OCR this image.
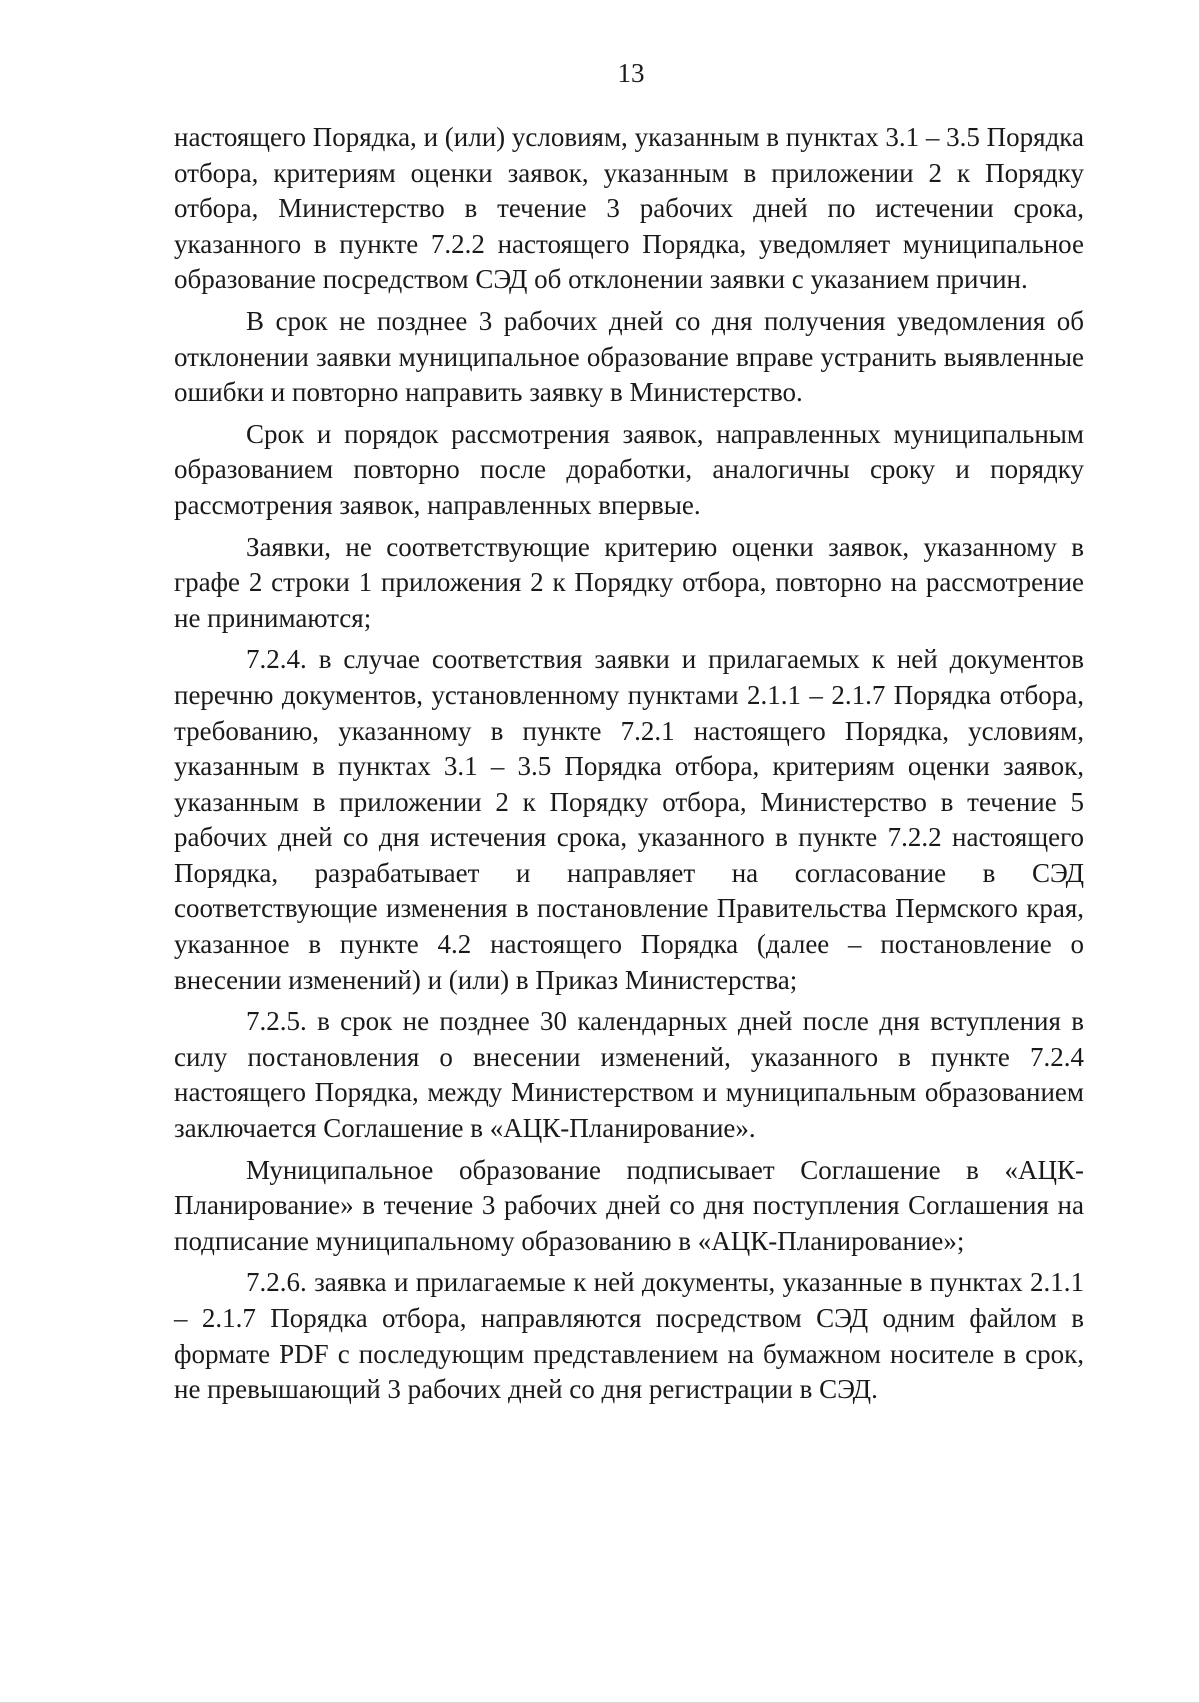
13

настоящего Порядка, и (или) условиям, указанным в пунктах 3.1 – 3.5 Порядка отбора, критериям оценки заявок, указанным в приложении 2 к Порядку отбора, Министерство в течение 3 рабочих дней по истечении срока, указанного в пункте 7.2.2 настоящего Порядка, уведомляет муниципальное образование посредством СЭД об отклонении заявки с указанием причин.

В срок не позднее 3 рабочих дней со дня получения уведомления об отклонении заявки муниципальное образование вправе устранить выявленные ошибки и повторно направить заявку в Министерство.

Срок и порядок рассмотрения заявок, направленных муниципальным образованием повторно после доработки, аналогичны сроку и порядку рассмотрения заявок, направленных впервые.

Заявки, не соответствующие критерию оценки заявок, указанному в графе 2 строки 1 приложения 2 к Порядку отбора, повторно на рассмотрение не принимаются;

7.2.4. в случае соответствия заявки и прилагаемых к ней документов перечню документов, установленному пунктами 2.1.1 – 2.1.7 Порядка отбора, требованию, указанному в пункте 7.2.1 настоящего Порядка, условиям, указанным в пунктах 3.1 – 3.5 Порядка отбора, критериям оценки заявок, указанным в приложении 2 к Порядку отбора, Министерство в течение 5 рабочих дней со дня истечения срока, указанного в пункте 7.2.2 настоящего Порядка, разрабатывает и направляет на согласование в СЭД соответствующие изменения в постановление Правительства Пермского края, указанное в пункте 4.2 настоящего Порядка (далее – постановление о внесении изменений) и (или) в Приказ Министерства;

7.2.5. в срок не позднее 30 календарных дней после дня вступления в силу постановления о внесении изменений, указанного в пункте 7.2.4 настоящего Порядка, между Министерством и муниципальным образованием заключается Соглашение в «АЦК-Планирование».

Муниципальное образование подписывает Соглашение в «АЦК-Планирование» в течение 3 рабочих дней со дня поступления Соглашения на подписание муниципальному образованию в «АЦК-Планирование»;

7.2.6. заявка и прилагаемые к ней документы, указанные в пунктах 2.1.1 – 2.1.7 Порядка отбора, направляются посредством СЭД одним файлом в формате PDF с последующим представлением на бумажном носителе в срок, не превышающий 3 рабочих дней со дня регистрации в СЭД.
